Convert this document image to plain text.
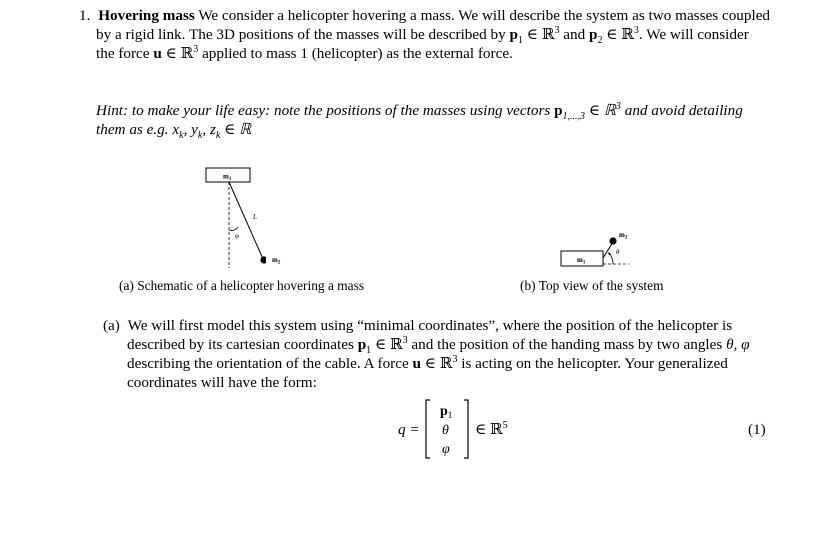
1. Hovering mass We consider a helicopter hovering a mass. We will describe the system as two masses coupled
by a rigid link. The 3D positions of the masses will be described by $p_1$ ∈ ℝ$^3$ and $p_2$ ∈ ℝ$^3$. We will consider
the force u ∈ ℝ$^3$ applied to mass 1 (helicopter) as the external force.
Hint: to make your life easy: note the positions of the masses using vectors $p_{1,...,3}$ ∈ ℝ$^3$ and avoid detailing
them as e.g. $x_k$, $y_k$, $z_k$ ∈ ℝ
$m_1$
L
φ
$m_2$	$m_1$
θ
$m_2$
(a) Schematic of a helicopter hovering a mass	(b) Top view of the system
(a) We will first model this system using “minimal coordinates”, where the position of the helicopter is
described by its cartesian coordinates $p_1$ ∈ ℝ$^3$ and the position of the handing mass by two angles θ, φ
describing the orientation of the cable. A force u ∈ ℝ$^3$ is acting on the helicopter. Your generalized
coordinates will have the form:
q =
$p_1$
θ
φ
∈ ℝ$^5$	(1)
